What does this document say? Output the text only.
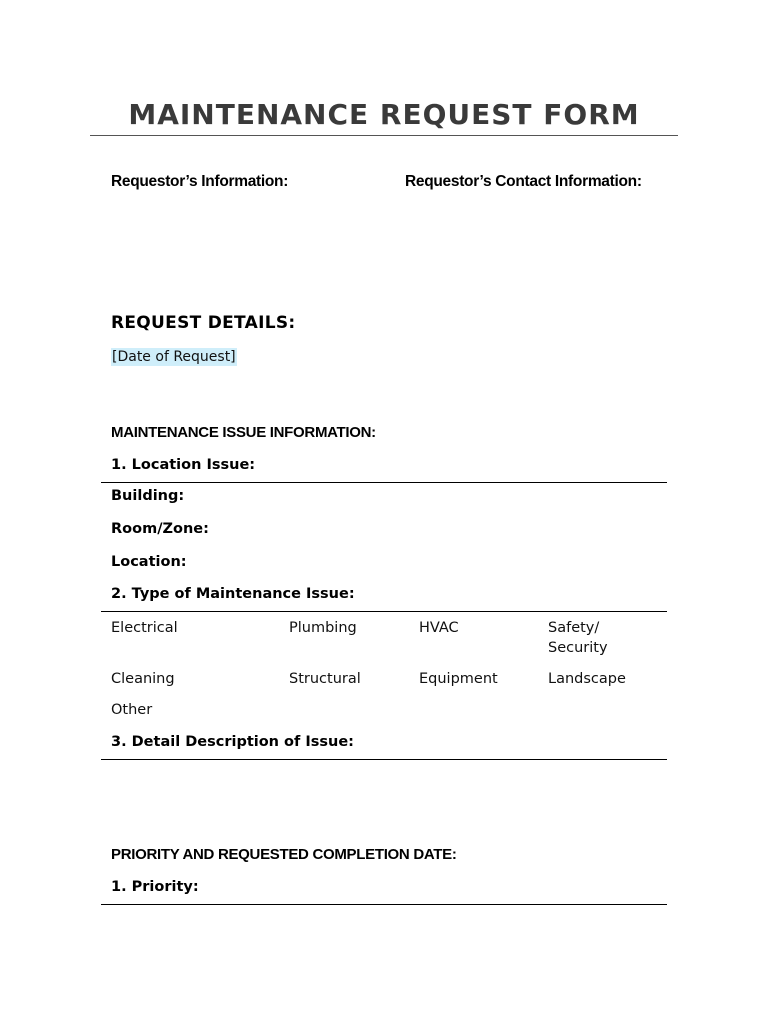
MAINTENANCE REQUEST FORM
Requestor’s Information:	Requestor’s Contact Information:
REQUEST DETAILS:
[Date of Request]
MAINTENANCE ISSUE INFORMATION:
1. Location Issue:
Building:
Room/Zone:
Location:
2. Type of Maintenance Issue:
Electrical	Plumbing	HVAC	Safety/ Security
Cleaning	Structural	Equipment	Landscape
Other
3. Detail Description of Issue:
PRIORITY AND REQUESTED COMPLETION DATE:
1. Priority:
